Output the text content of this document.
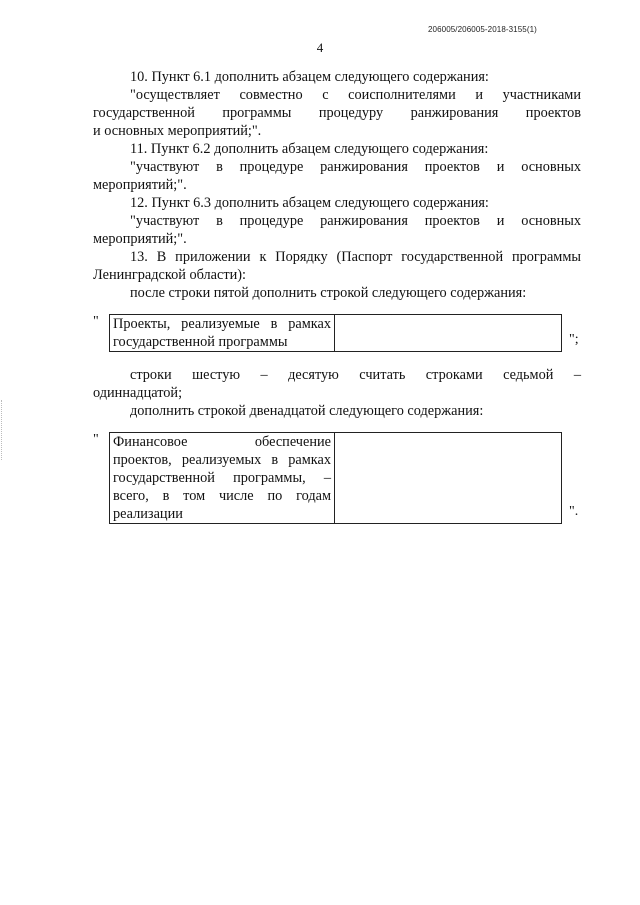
206005/206005-2018-3155(1)
4

10. Пункт 6.1 дополнить абзацем следующего содержания:

"осуществляет совместно с соисполнителями и участниками

государственной программы процедуру ранжирования проектов

и основных мероприятий;".

11. Пункт 6.2 дополнить абзацем следующего содержания:

"участвуют в процедуре ранжирования проектов и основных

мероприятий;".

12. Пункт 6.3 дополнить абзацем следующего содержания:

"участвуют в процедуре ранжирования проектов и основных

мероприятий;".

13. В приложении к Порядку (Паспорт государственной программы

Ленинградской области):

после строки пятой дополнить строкой следующего содержания:

" Проекты, реализуемые в рамках
государственной программы
		";

строки шестую – десятую считать строками седьмой –

одиннадцатой;

дополнить строкой двенадцатой следующего содержания:

" Финансовое обеспечение
проектов, реализуемых в рамках
государственной программы, –
всего, в том числе по годам
реализации
		".
